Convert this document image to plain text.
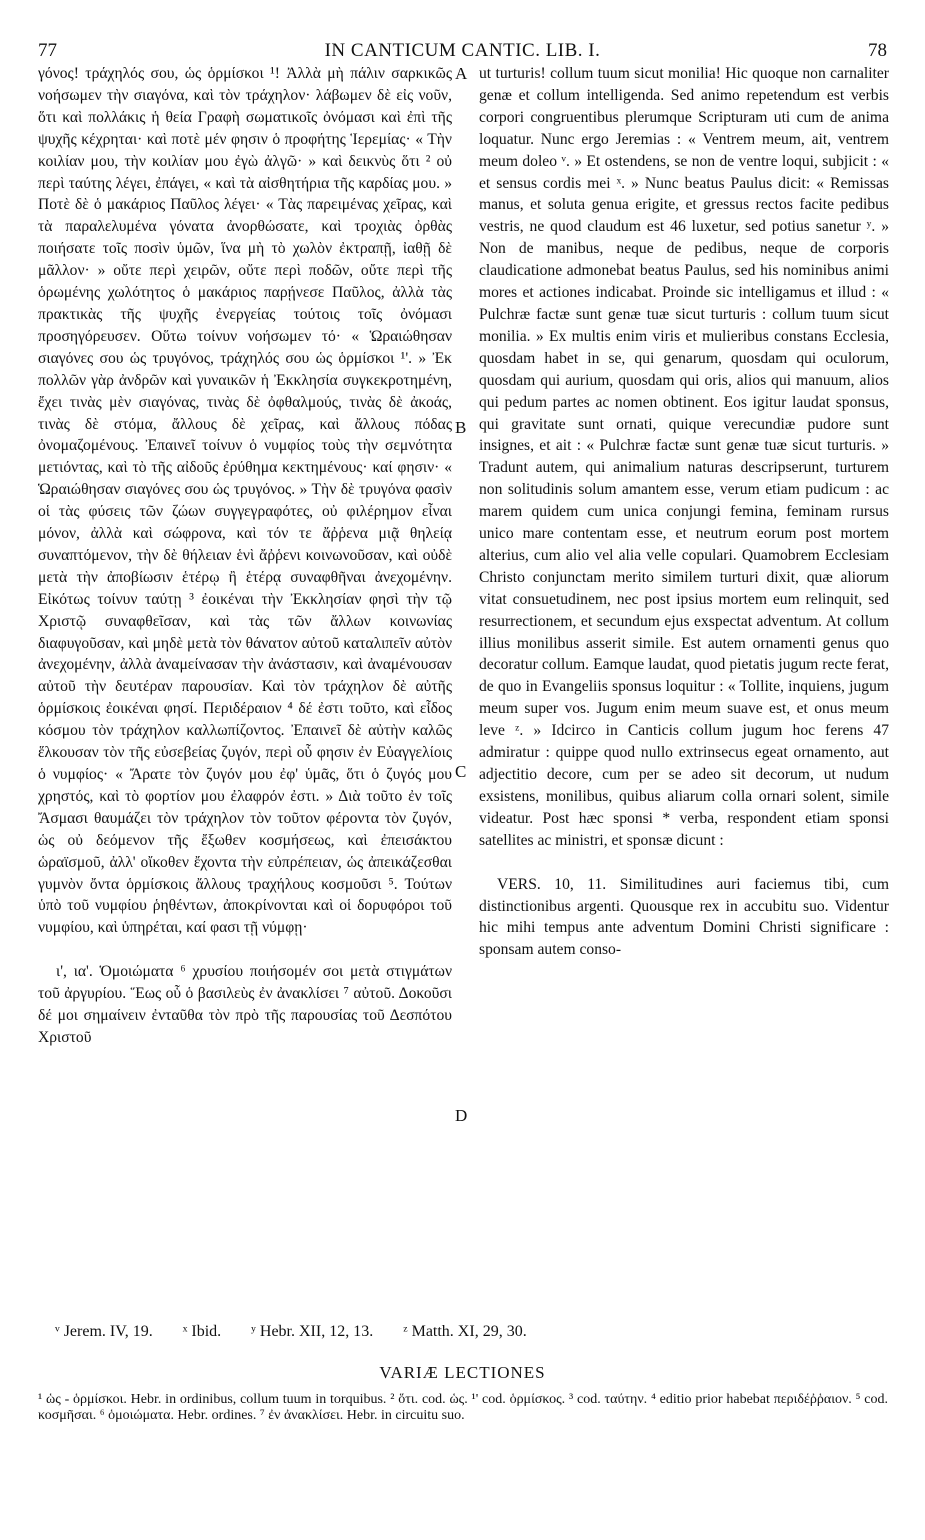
77	IN CANTICUM CANTIC. LIB. I.	78

γόνος! τράχηλός σου, ὡς ὁρμίσκοι ¹! Ἀλλὰ μὴ πάλιν σαρκικῶς νοήσωμεν τὴν σιαγόνα, καὶ τὸν τράχηλον· λάβωμεν δὲ εἰς νοῦν, ὅτι καὶ πολλάκις ἡ θεία Γραφὴ σωματικοῖς ὀνόμασι καὶ ἐπὶ τῆς ψυχῆς κέχρηται· καὶ ποτὲ μέν φησιν ὁ προφήτης Ἱερεμίας· « Τὴν κοιλίαν μου, τὴν κοιλίαν μου ἐγὼ ἀλγῶ· » καὶ δεικνὺς ὅτι ² οὐ περὶ ταύτης λέγει, ἐπάγει, « καὶ τὰ αἰσθητήρια τῆς καρδίας μου. » Ποτὲ δὲ ὁ μακάριος Παῦλος λέγει· « Τὰς παρειμένας χεῖρας, καὶ τὰ παραλελυμένα γόνατα ἀνορθώσατε, καὶ τροχιὰς ὀρθὰς ποιήσατε τοῖς ποσὶν ὑμῶν, ἵνα μὴ τὸ χωλὸν ἐκτραπῇ, ἰαθῇ δὲ μᾶλλον· » οὔτε περὶ χειρῶν, οὔτε περὶ ποδῶν, οὔτε περὶ τῆς ὁρωμένης χωλότητος ὁ μακάριος παρῄνεσε Παῦλος, ἀλλὰ τὰς πρακτικὰς τῆς ψυχῆς ἐνεργείας τούτοις τοῖς ὀνόμασι προσηγόρευσεν. Οὕτω τοίνυν νοήσωμεν τό· « Ὡραιώθησαν σιαγόνες σου ὡς τρυγόνος, τράχηλός σου ὡς ὁρμίσκοι ¹'. » Ἐκ πολλῶν γὰρ ἀνδρῶν καὶ γυναικῶν ἡ Ἐκκλησία συγκεκροτημένη, ἔχει τινὰς μὲν σιαγόνας, τινὰς δὲ ὀφθαλμούς, τινὰς δὲ ἀκοάς, τινὰς δὲ στόμα, ἄλλους δὲ χεῖρας, καὶ ἄλλους πόδας ὀνομαζομένους. Ἐπαινεῖ τοίνυν ὁ νυμφίος τοὺς τὴν σεμνότητα μετιόντας, καὶ τὸ τῆς αἰδοῦς ἐρύθημα κεκτημένους· καί φησιν· « Ὡραιώθησαν σιαγόνες σου ὡς τρυγόνος. » Τὴν δὲ τρυγόνα φασὶν οἱ τὰς φύσεις τῶν ζώων συγγεγραφότες, οὐ φιλέρημον εἶναι μόνον, ἀλλὰ καὶ σώφρονα, καὶ τόν τε ἄῤῥενα μιᾷ θηλείᾳ συναπτόμενον, τὴν δὲ θήλειαν ἑνὶ ἄῤῥενι κοινωνοῦσαν, καὶ οὐδὲ μετὰ τὴν ἀποβίωσιν ἑτέρῳ ἢ ἑτέρᾳ συναφθῆναι ἀνεχομένην. Εἰκότως τοίνυν ταύτῃ ³ ἐοικέναι τὴν Ἐκκλησίαν φησὶ τὴν τῷ Χριστῷ συναφθεῖσαν, καὶ τὰς τῶν ἄλλων κοινωνίας διαφυγοῦσαν, καὶ μηδὲ μετὰ τὸν θάνατον αὐτοῦ καταλιπεῖν αὐτὸν ἀνεχομένην, ἀλλὰ ἀναμείνασαν τὴν ἀνάστασιν, καὶ ἀναμένουσαν αὐτοῦ τὴν δευτέραν παρουσίαν. Καὶ τὸν τράχηλον δὲ αὐτῆς ὁρμίσκοις ἐοικέναι φησί. Περιδέραιον ⁴ δέ ἐστι τοῦτο, καὶ εἶδος κόσμου τὸν τράχηλον καλλωπίζοντος. Ἐπαινεῖ δὲ αὐτὴν καλῶς ἕλκουσαν τὸν τῆς εὐσεβείας ζυγόν, περὶ οὗ φησιν ἐν Εὐαγγελίοις ὁ νυμφίος· « Ἄρατε τὸν ζυγόν μου ἐφ' ὑμᾶς, ὅτι ὁ ζυγός μου χρηστός, καὶ τὸ φορτίον μου ἐλαφρόν ἐστι. » Διὰ τοῦτο ἐν τοῖς Ἄσμασι θαυμάζει τὸν τράχηλον τὸν τοῦτον φέροντα τὸν ζυγόν, ὡς οὐ δεόμενον τῆς ἔξωθεν κοσμήσεως, καὶ ἐπεισάκτου ὡραϊσμοῦ, ἀλλ' οἴκοθεν ἔχοντα τὴν εὐπρέπειαν, ὡς ἀπεικάζεσθαι γυμνὸν ὄντα ὁρμίσκοις ἄλλους τραχήλους κοσμοῦσι ⁵. Τούτων ὑπὸ τοῦ νυμφίου ῥηθέντων, ἀποκρίνονται καὶ οἱ δορυφόροι τοῦ νυμφίου, καὶ ὑπηρέται, καί φασι τῇ νύμφῃ·

ι', ια'. Ὁμοιώματα ⁶ χρυσίου ποιήσομέν σοι μετὰ στιγμάτων τοῦ ἀργυρίου. Ἕως οὗ ὁ βασιλεὺς ἐν ἀνακλίσει ⁷ αὐτοῦ. Δοκοῦσι δέ μοι σημαίνειν ἐνταῦθα τὸν πρὸ τῆς παρουσίας τοῦ Δεσπότου Χριστοῦ

A
B
C
D

ut turturis! collum tuum sicut monilia! Hic quoque non carnaliter genæ et collum intelligenda. Sed animo repetendum est verbis corpori congruentibus plerumque Scripturam uti cum de anima loquatur. Nunc ergo Jeremias : « Ventrem meum, ait, ventrem meum doleo ᵛ. » Et ostendens, se non de ventre loqui, subjicit : « et sensus cordis mei ˣ. » Nunc beatus Paulus dicit: « Remissas manus, et soluta genua erigite, et gressus rectos facite pedibus vestris, ne quod claudum est 46 luxetur, sed potius sanetur ʸ. » Non de manibus, neque de pedibus, neque de corporis claudicatione admonebat beatus Paulus, sed his nominibus animi mores et actiones indicabat. Proinde sic intelligamus et illud : « Pulchræ factæ sunt genæ tuæ sicut turturis : collum tuum sicut monilia. » Ex multis enim viris et mulieribus constans Ecclesia, quosdam habet in se, qui genarum, quosdam qui oculorum, quosdam qui aurium, quosdam qui oris, alios qui manuum, alios qui pedum partes ac nomen obtinent. Eos igitur laudat sponsus, qui gravitate sunt ornati, quique verecundiæ pudore sunt insignes, et ait : « Pulchræ factæ sunt genæ tuæ sicut turturis. » Tradunt autem, qui animalium naturas descripserunt, turturem non solitudinis solum amantem esse, verum etiam pudicum : ac marem quidem cum unica conjungi femina, feminam rursus unico mare contentam esse, et neutrum eorum post mortem alterius, cum alio vel alia velle copulari. Quamobrem Ecclesiam Christo conjunctam merito similem turturi dixit, quæ aliorum vitat consuetudinem, nec post ipsius mortem eum relinquit, sed resurrectionem, et secundum ejus exspectat adventum. At collum illius monilibus asserit simile. Est autem ornamenti genus quo decoratur collum. Eamque laudat, quod pietatis jugum recte ferat, de quo in Evangeliis sponsus loquitur : « Tollite, inquiens, jugum meum super vos. Jugum enim meum suave est, et onus meum leve ᶻ. » Idcirco in Canticis collum jugum hoc ferens 47 admiratur : quippe quod nullo extrinsecus egeat ornamento, aut adjectitio decore, cum per se adeo sit decorum, ut nudum exsistens, monilibus, quibus aliarum colla ornari solent, simile videatur. Post hæc sponsi * verba, respondent etiam sponsi satellites ac ministri, et sponsæ dicunt :

VERS. 10, 11. Similitudines auri faciemus tibi, cum distinctionibus argenti. Quousque rex in accubitu suo. Videntur hic mihi tempus ante adventum Domini Christi significare : sponsam autem conso-

ᵛ Jerem. IV, 19. ˣ Ibid. ʸ Hebr. XII, 12, 13. ᶻ Matth. XI, 29, 30.
VARIÆ LECTIONES

¹ ὡς - ὁρμίσκοι. Hebr. in ordinibus, collum tuum in torquibus. ² ὅτι. cod. ὡς. ¹' cod. ὁρμίσκος. ³ cod. ταύτην. ⁴ editio prior habebat περιδέῤῥαιον. ⁵ cod. κοσμῆσαι. ⁶ ὁμοιώματα. Hebr. ordines. ⁷ ἐν ἀνακλίσει. Hebr. in circuitu suo.
